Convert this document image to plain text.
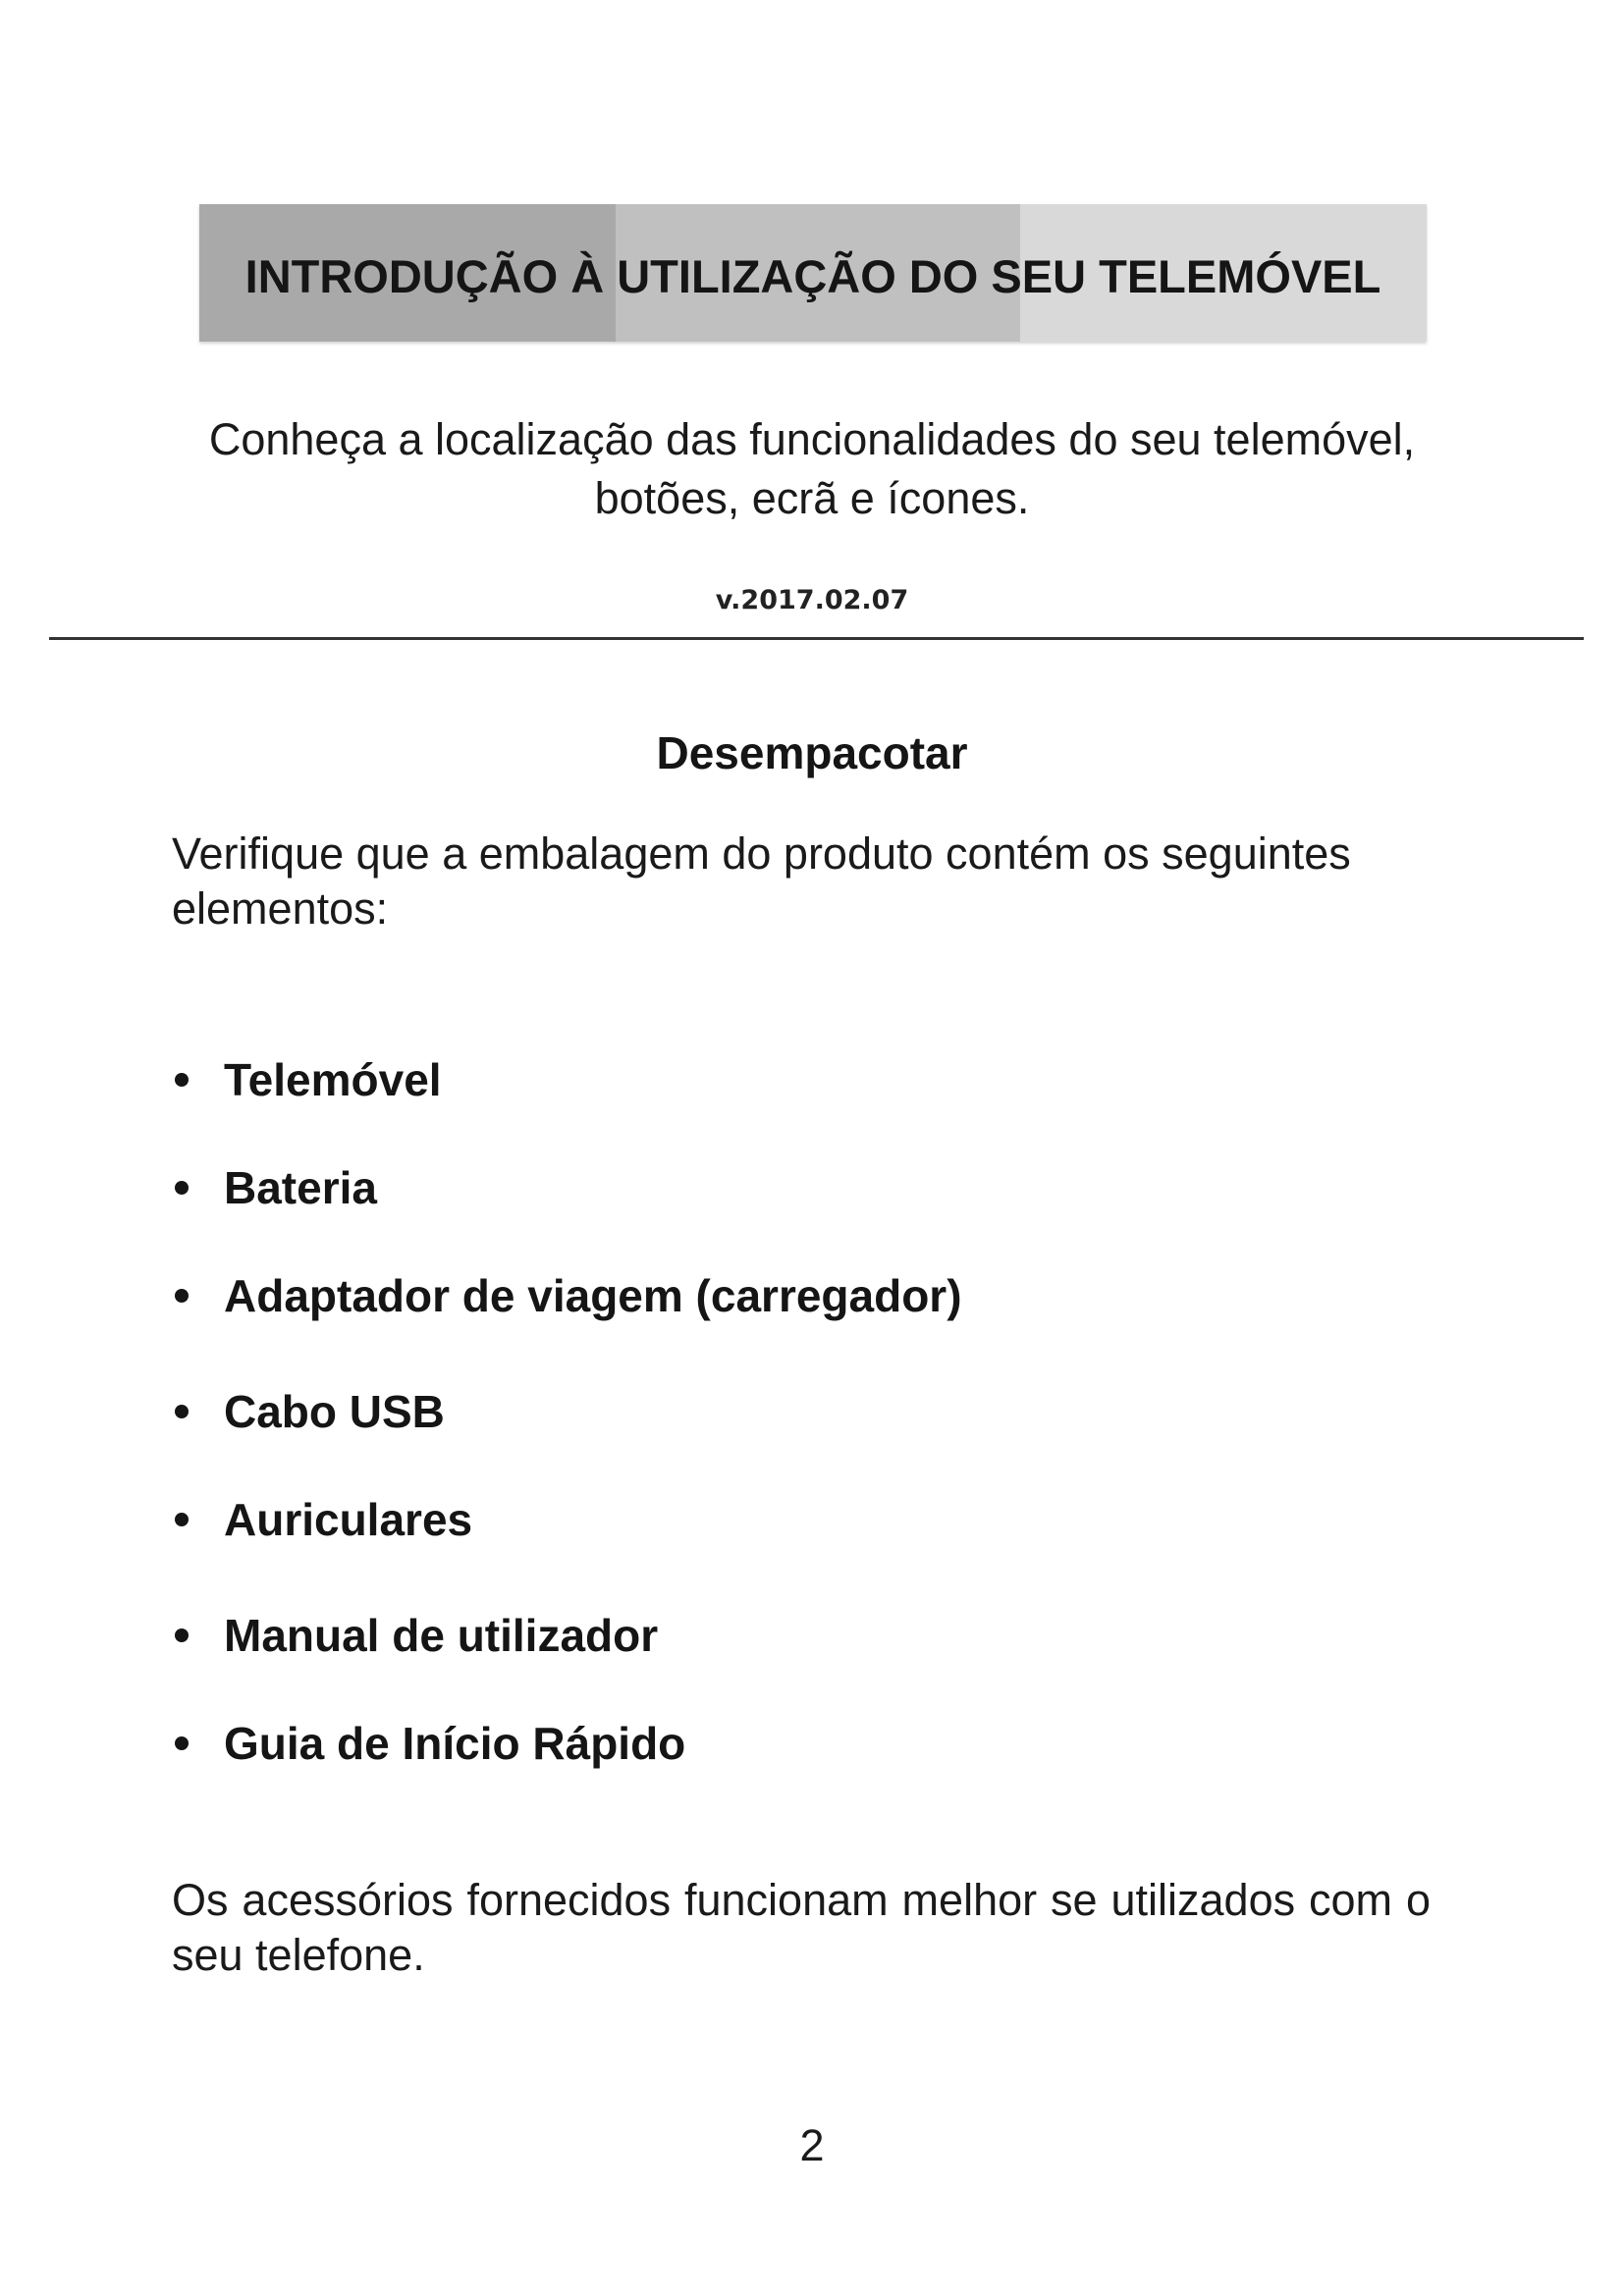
INTRODUÇÃO À UTILIZAÇÃO DO SEU TELEMÓVEL

Conheça a localização das funcionalidades do seu telemóvel, botões, ecrã e ícones.

v.2017.02.07

Desempacotar

Verifique que a embalagem do produto contém os seguintes elementos:

Telemóvel
Bateria
Adaptador de viagem (carregador)
Cabo USB
Auriculares
Manual de utilizador
Guia de Início Rápido

Os acessórios fornecidos funcionam melhor se utilizados com o seu telefone.

2
